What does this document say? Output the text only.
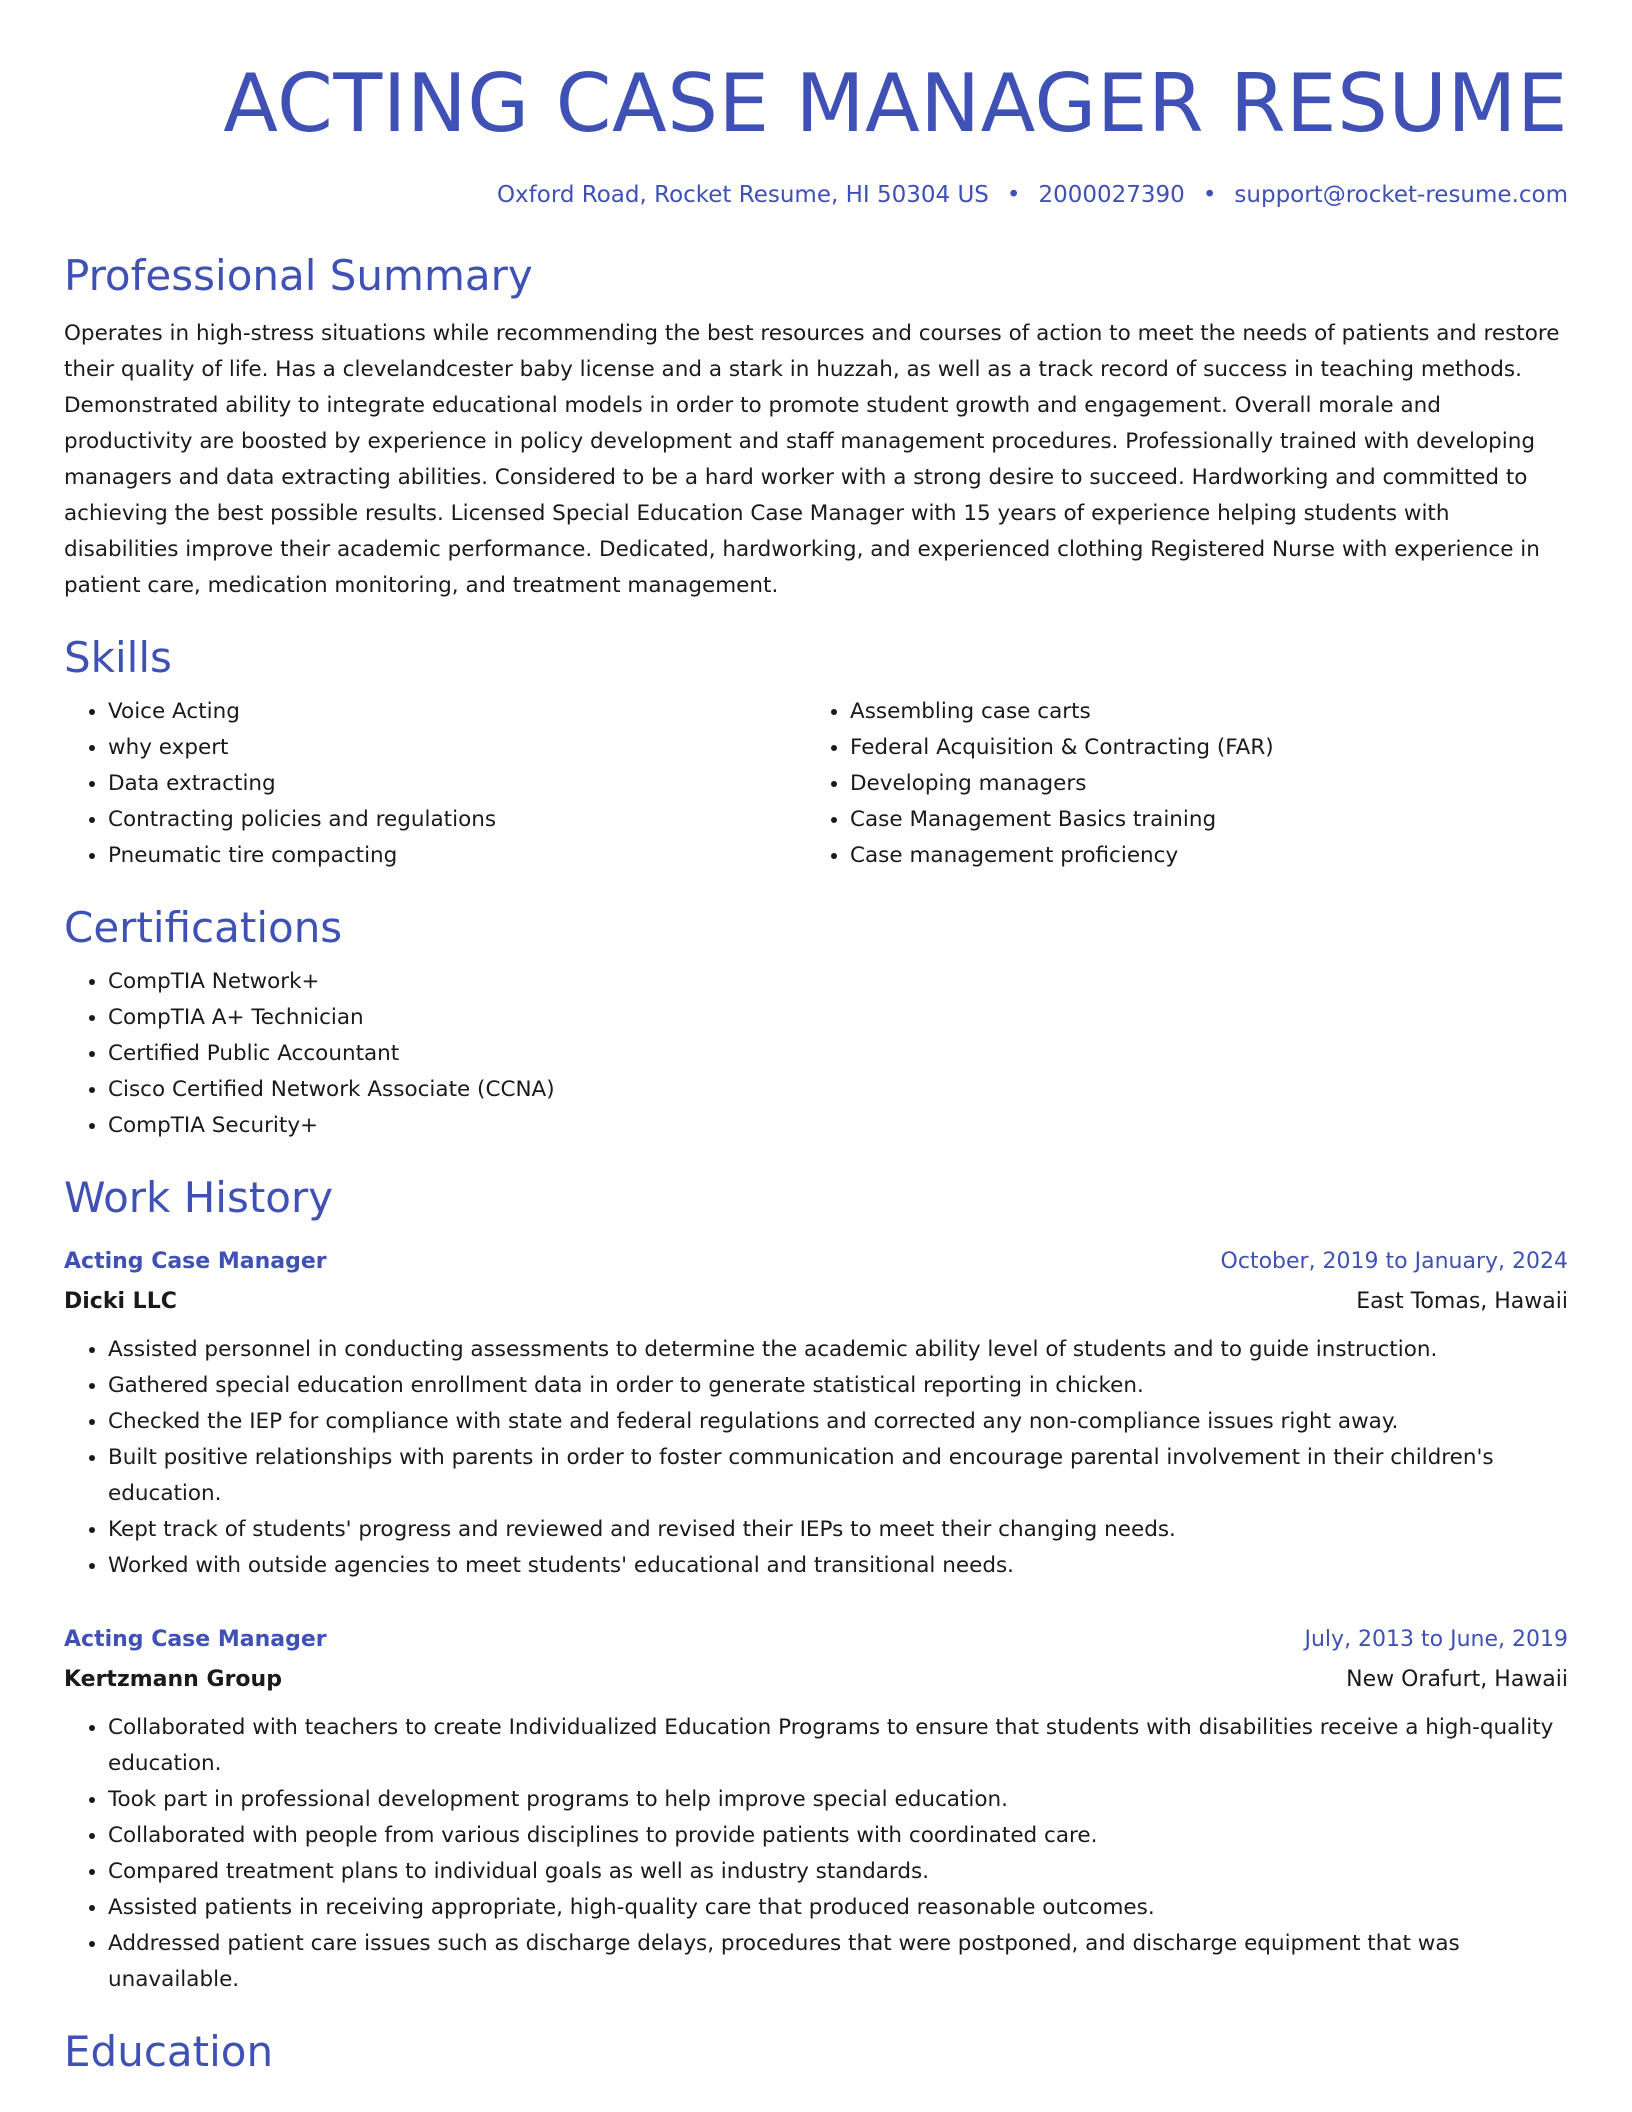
ACTING CASE MANAGER RESUME
Oxford Road, Rocket Resume, HI 50304 US • 2000027390 • support@rocket-resume.com
Professional Summary

Operates in high-stress situations while recommending the best resources and courses of action to meet the needs of patients and restore their quality of life. Has a clevelandcester baby license and a stark in huzzah, as well as a track record of success in teaching methods. Demonstrated ability to integrate educational models in order to promote student growth and engagement. Overall morale and productivity are boosted by experience in policy development and staff management procedures. Professionally trained with developing managers and data extracting abilities. Considered to be a hard worker with a strong desire to succeed. Hardworking and committed to achieving the best possible results. Licensed Special Education Case Manager with 15 years of experience helping students with disabilities improve their academic performance. Dedicated, hardworking, and experienced clothing Registered Nurse with experience in patient care, medication monitoring, and treatment management.

Skills
• Voice Acting
• why expert
• Data extracting
• Contracting policies and regulations
• Pneumatic tire compacting
• Assembling case carts
• Federal Acquisition & Contracting (FAR)
• Developing managers
• Case Management Basics training
• Case management proficiency
Certifications
• CompTIA Network+
• CompTIA A+ Technician
• Certified Public Accountant
• Cisco Certified Network Associate (CCNA)
• CompTIA Security+
Work History
Acting Case Manager	October, 2019 to January, 2024
Dicki LLC	East Tomas, Hawaii
• Assisted personnel in conducting assessments to determine the academic ability level of students and to guide instruction.
• Gathered special education enrollment data in order to generate statistical reporting in chicken.
• Checked the IEP for compliance with state and federal regulations and corrected any non-compliance issues right away.
• Built positive relationships with parents in order to foster communication and encourage parental involvement in their children's education.
• Kept track of students' progress and reviewed and revised their IEPs to meet their changing needs.
• Worked with outside agencies to meet students' educational and transitional needs.
Acting Case Manager	July, 2013 to June, 2019
Kertzmann Group	New Orafurt, Hawaii
• Collaborated with teachers to create Individualized Education Programs to ensure that students with disabilities receive a high-quality education.
• Took part in professional development programs to help improve special education.
• Collaborated with people from various disciplines to provide patients with coordinated care.
• Compared treatment plans to individual goals as well as industry standards.
• Assisted patients in receiving appropriate, high-quality care that produced reasonable outcomes.
• Addressed patient care issues such as discharge delays, procedures that were postponed, and discharge equipment that was unavailable.
Education
